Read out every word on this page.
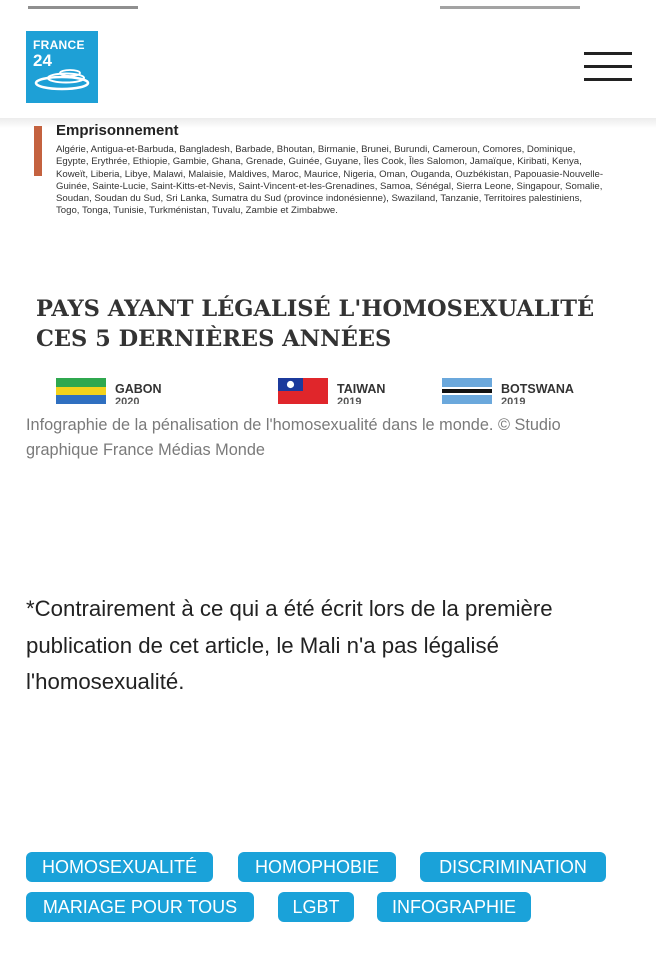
FRANCE
24
Emprisonnement
Algérie, Antigua-et-Barbuda, Bangladesh, Barbade, Bhoutan, Birmanie, Brunei, Burundi, Cameroun, Comores, Dominique, Egypte, Erythrée, Ethiopie, Gambie, Ghana, Grenade, Guinée, Guyane, Îles Cook, Îles Salomon, Jamaïque, Kiribati, Kenya, Koweït, Liberia, Libye, Malawi, Malaisie, Maldives, Maroc, Maurice, Nigeria, Oman, Ouganda, Ouzbékistan, Papouasie-Nouvelle-Guinée, Sainte-Lucie, Saint-Kitts-et-Nevis, Saint-Vincent-et-les-Grenadines, Samoa, Sénégal, Sierra Leone, Singapour, Somalie, Soudan, Soudan du Sud, Sri Lanka, Sumatra du Sud (province indonésienne), Swaziland, Tanzanie, Territoires palestiniens, Togo, Tonga, Tunisie, Turkménistan, Tuvalu, Zambie et Zimbabwe.
PAYS AYANT LÉGALISÉ L'HOMOSEXUALITÉ
CES 5 DERNIÈRES ANNÉES
GABON
2020
TAIWAN
2019
BOTSWANA
2019
Infographie de la pénalisation de l'homosexualité dans le monde. © Studio graphique France Médias Monde
*Contrairement à ce qui a été écrit lors de la première publication de cet article, le Mali n'a pas légalisé l'homosexualité.
HOMOSEXUALITÉ	HOMOPHOBIE	DISCRIMINATION
MARIAGE POUR TOUS	LGBT	INFOGRAPHIE
